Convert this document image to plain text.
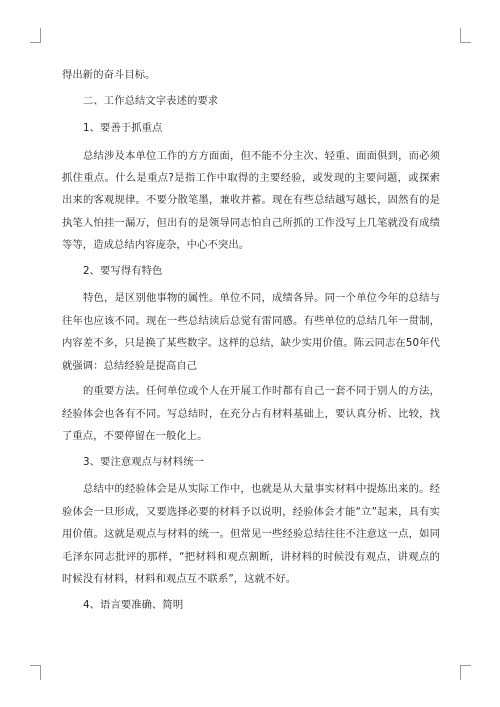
得出新的奋斗目标。

二、工作总结文字表述的要求

1、要善于抓重点

总结涉及本单位工作的方方面面，但不能不分主次、轻重、面面俱到，而必须抓住重点。什么是重点?是指工作中取得的主要经验，或发现的主要问题，或探索出来的客观规律。不要分散笔墨，兼收并蓄。现在有些总结越写越长，固然有的是执笔人怕挂一漏万，但出有的是领导同志怕自己所抓的工作没写上几笔就没有成绩等等，造成总结内容庞杂，中心不突出。

2、要写得有特色

特色，是区别他事物的属性。单位不同，成绩各异。同一个单位今年的总结与往年也应该不同。现在一些总结读后总觉有雷同感。有些单位的总结几年一贯制，内容差不多，只是换了某些数字。这样的总结，缺少实用价值。陈云同志在50年代就强调：总结经验是提高自己

的重要方法。任何单位或个人在开展工作时都有自己一套不同于别人的方法，经验体会也各有不同。写总结时，在充分占有材料基础上，要认真分析、比较，找了重点，不要停留在一般化上。

3、要注意观点与材料统一

总结中的经验体会是从实际工作中，也就是从大量事实材料中提炼出来的。经验体会一旦形成，又要选择必要的材料予以说明，经验体会才能“立”起来，具有实用价值。这就是观点与材料的统一。但常见一些经验总结往往不注意这一点，如同毛泽东同志批评的那样，“把材料和观点割断，讲材料的时候没有观点，讲观点的时候没有材料，材料和观点互不联系”，这就不好。

4、语言要准确、简明
